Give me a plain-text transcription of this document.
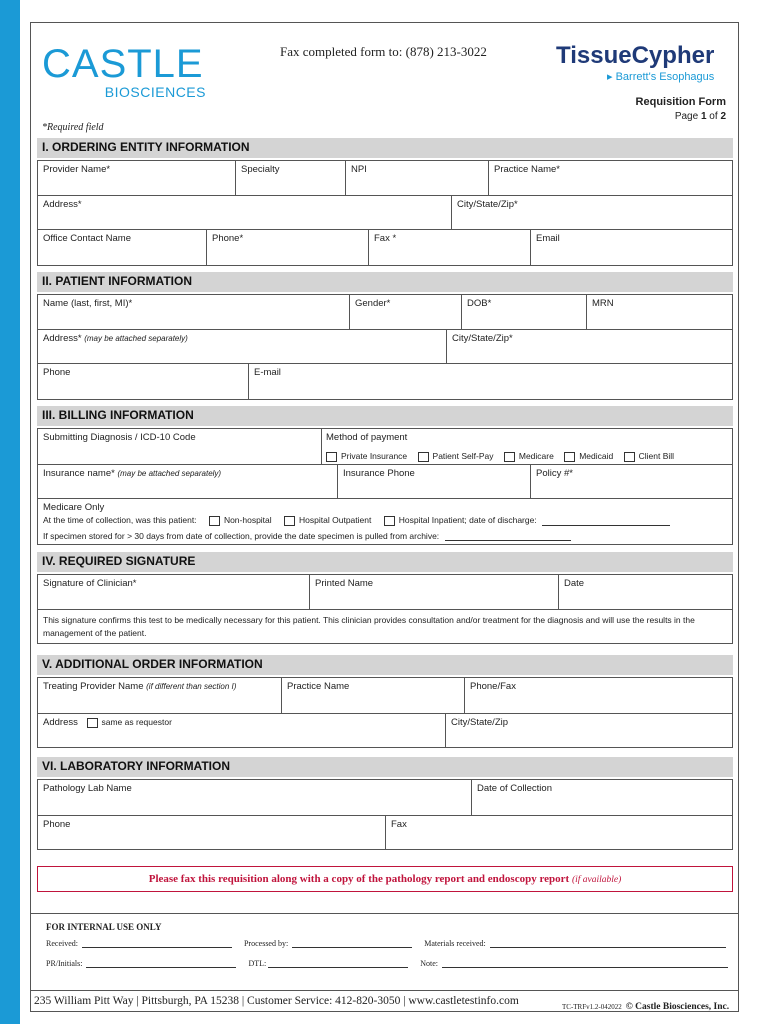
CASTLE
BIOSCIENCES
Fax completed form to: (878) 213-3022	TissueCypher
▸ Barrett's Esophagus
Requisition Form
Page 1 of 2
*Required field
I. ORDERING ENTITY INFORMATION
Provider Name*	Specialty	NPI	Practice Name*
Address*	City/State/Zip*
Office Contact Name	Phone*	Fax *	Email
II. PATIENT INFORMATION
Name (last, first, MI)*	Gender*	DOB*	MRN
Address* (may be attached separately)	City/State/Zip*
Phone	E-mail
III. BILLING INFORMATION
Submitting Diagnosis / ICD-10 Code	Method of payment
Private Insurance	Patient Self-Pay	Medicare	Medicaid	Client Bill
Insurance name* (may be attached separately)	Insurance Phone	Policy #*
Medicare Only
At the time of collection, was this patient:	Non-hospital	Hospital Outpatient	Hospital Inpatient; date of discharge:
If specimen stored for > 30 days from date of collection, provide the date specimen is pulled from archive:
IV. REQUIRED SIGNATURE
Signature of Clinician*	Printed Name	Date
This signature confirms this test to be medically necessary for this patient. This clinician provides consultation and/or treatment for the diagnosis and will use the results in the management of the patient.
V. ADDITIONAL ORDER INFORMATION
Treating Provider Name (if different than section I)	Practice Name	Phone/Fax
Address	same as requestor	City/State/Zip
VI. LABORATORY INFORMATION
Pathology Lab Name	Date of Collection
Phone	Fax
Please fax this requisition along with a copy of the pathology report and endoscopy report (if available)
FOR INTERNAL USE ONLY
Received:	Processed by:	Materials received:
PR/Initials:	DTL:	Note:
235 William Pitt Way | Pittsburgh, PA 15238 | Customer Service: 412-820-3050 | www.castletestinfo.com	TC-TRFv1.2-042022 © Castle Biosciences, Inc.
